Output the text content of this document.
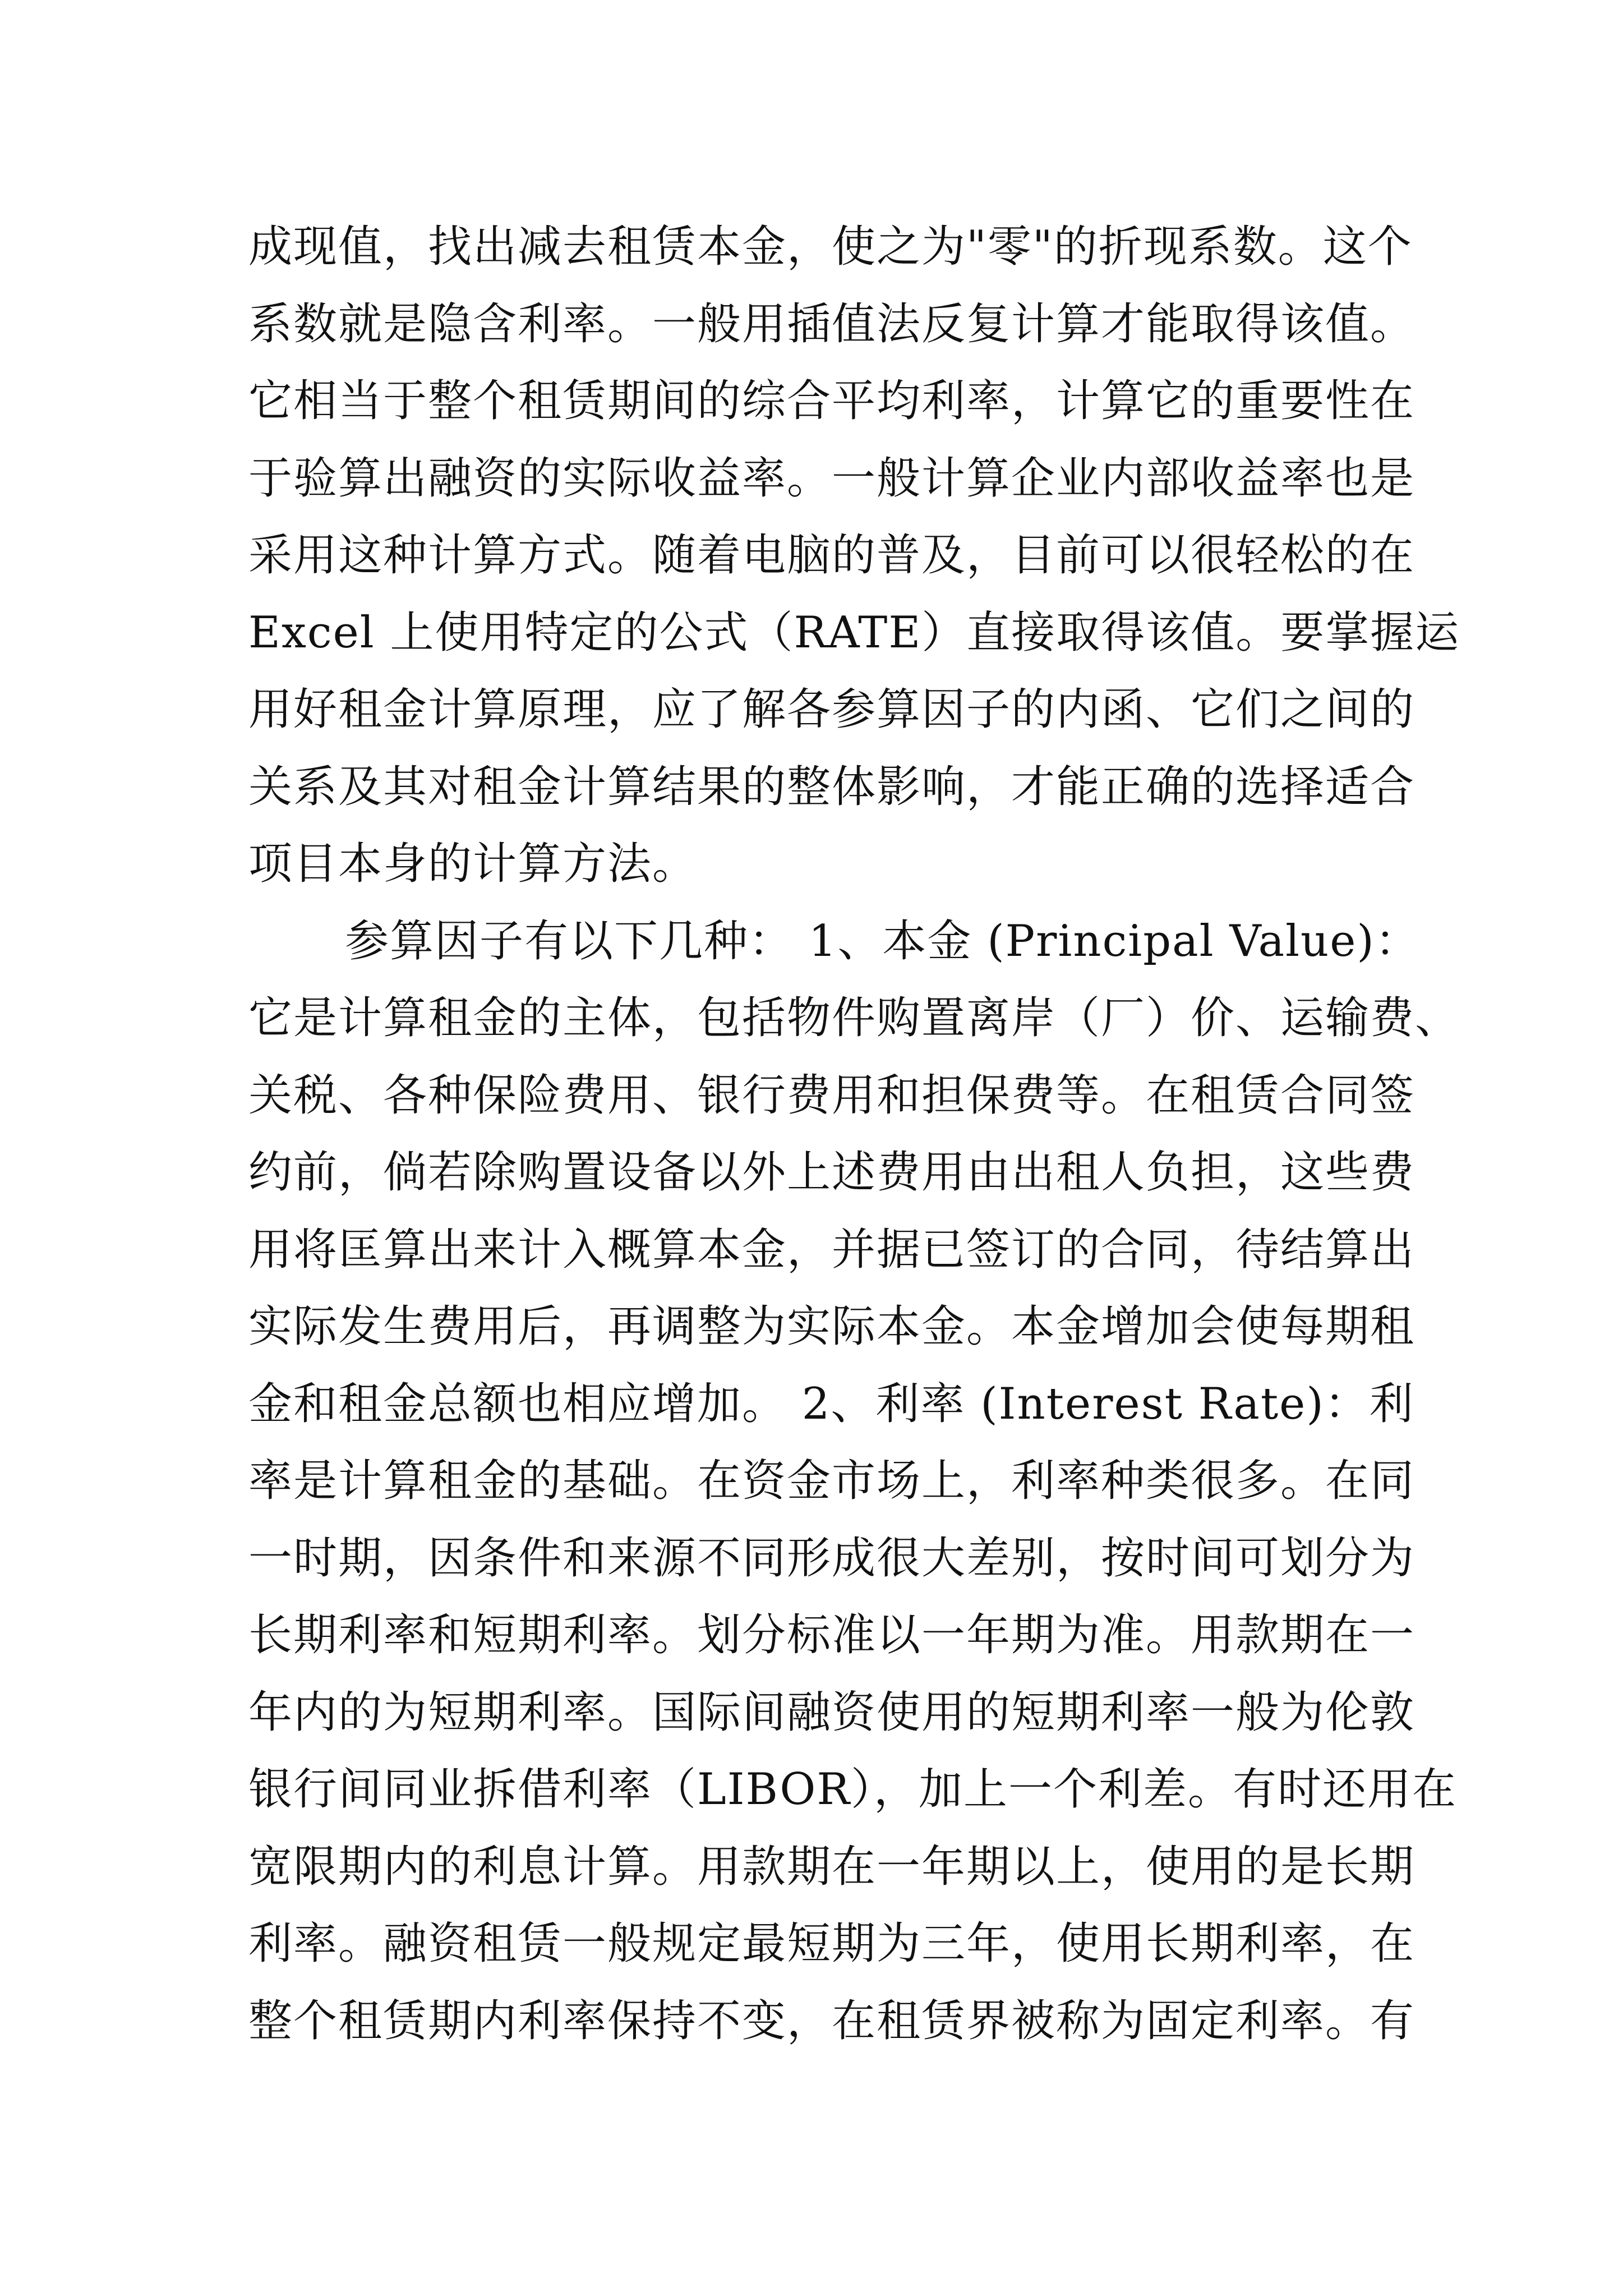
成现值，找出减去租赁本金，使之为"零"的折现系数。这个
系数就是隐含利率。一般用插值法反复计算才能取得该值。
它相当于整个租赁期间的综合平均利率，计算它的重要性在
于验算出融资的实际收益率。一般计算企业内部收益率也是
采用这种计算方式。随着电脑的普及，目前可以很轻松的在
Excel 上使用特定的公式（RATE）直接取得该值。要掌握运
用好租金计算原理，应了解各参算因子的内函、它们之间的
关系及其对租金计算结果的整体影响，才能正确的选择适合
项目本身的计算方法。
参算因子有以下几种： 1、本金 (Principal Value)：
它是计算租金的主体，包括物件购置离岸（厂）价、运输费、
关税、各种保险费用、银行费用和担保费等。在租赁合同签
约前，倘若除购置设备以外上述费用由出租人负担，这些费
用将匡算出来计入概算本金，并据已签订的合同，待结算出
实际发生费用后，再调整为实际本金。本金增加会使每期租
金和租金总额也相应增加。 2、利率 (Interest Rate)：利
率是计算租金的基础。在资金市场上，利率种类很多。在同
一时期，因条件和来源不同形成很大差别，按时间可划分为
长期利率和短期利率。划分标准以一年期为准。用款期在一
年内的为短期利率。国际间融资使用的短期利率一般为伦敦
银行间同业拆借利率（LIBOR），加上一个利差。有时还用在
宽限期内的利息计算。用款期在一年期以上，使用的是长期
利率。融资租赁一般规定最短期为三年，使用长期利率，在
整个租赁期内利率保持不变，在租赁界被称为固定利率。有
